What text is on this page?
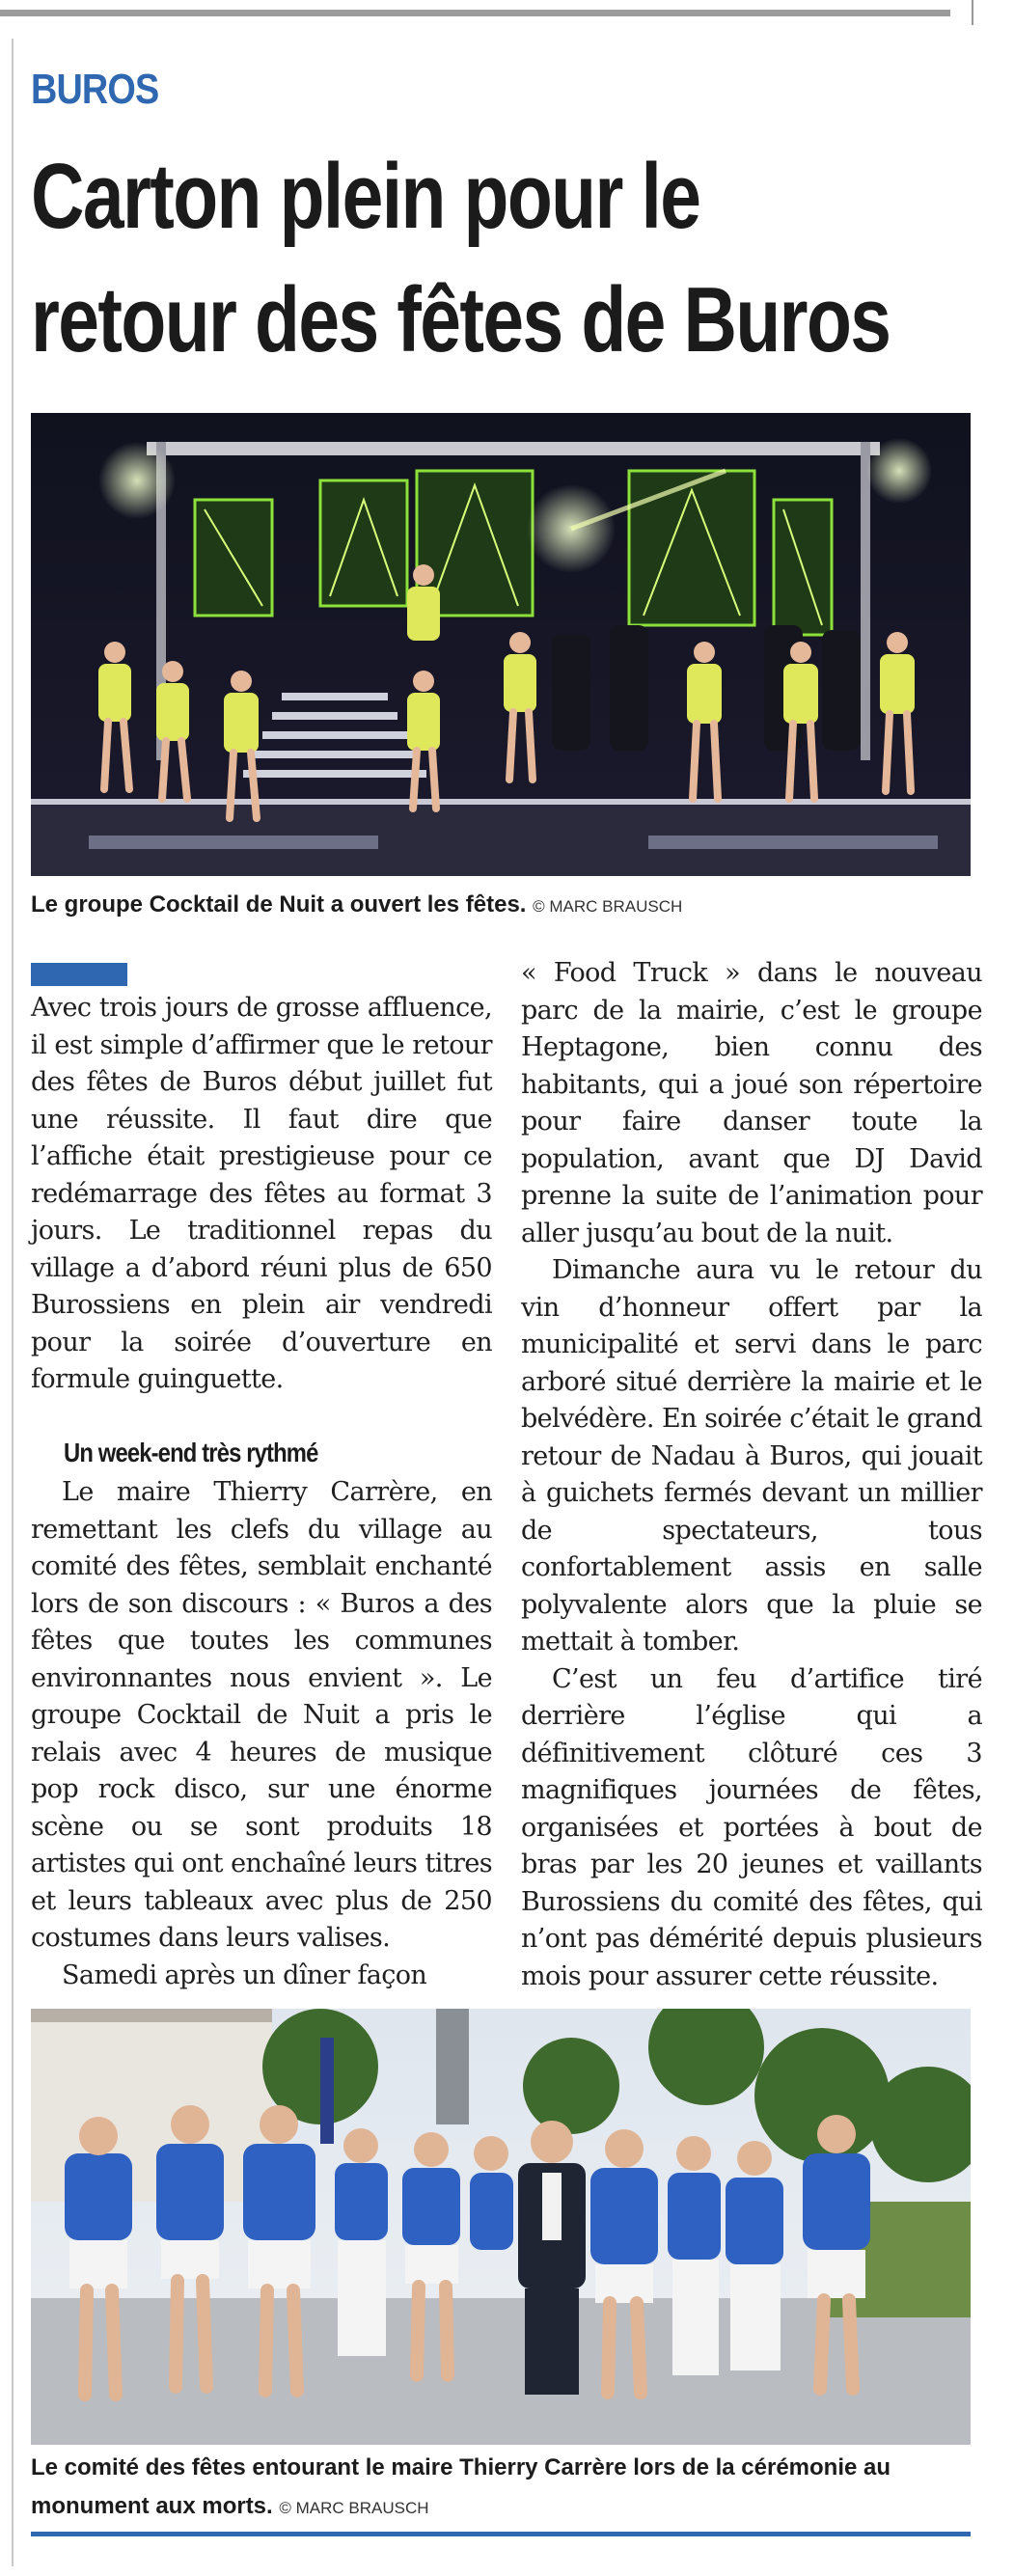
BUROS
Carton plein pour le retour des fêtes de Buros
Le groupe Cocktail de Nuit a ouvert les fêtes. © MARC BRAUSCH

Avec trois jours de grosse affluence, il est simple d’affirmer que le retour des fêtes de Buros début juillet fut une réussite. Il faut dire que l’affiche était prestigieuse pour ce redémarrage des fêtes au format 3 jours. Le traditionnel repas du village a d’abord réuni plus de 650 Burossiens en plein air vendredi pour la soirée d’ouverture en formule guinguette.

Un week-end très rythmé

Le maire Thierry Carrère, en remettant les clefs du village au comité des fêtes, semblait enchanté lors de son discours : « Buros a des fêtes que toutes les communes environnantes nous envient ». Le groupe Cocktail de Nuit a pris le relais avec 4 heures de musique pop rock disco, sur une énorme scène ou se sont produits 18 artistes qui ont enchaîné leurs titres et leurs tableaux avec plus de 250 costumes dans leurs valises.

Samedi après un dîner façon

« Food Truck » dans le nouveau parc de la mairie, c’est le groupe Heptagone, bien connu des habitants, qui a joué son répertoire pour faire danser toute la population, avant que DJ David prenne la suite de l’animation pour aller jusqu’au bout de la nuit.

Dimanche aura vu le retour du vin d’honneur offert par la municipalité et servi dans le parc arboré situé derrière la mairie et le belvédère. En soirée c’était le grand retour de Nadau à Buros, qui jouait à guichets fermés devant un millier de spectateurs, tous confortablement assis en salle polyvalente alors que la pluie se mettait à tomber.

C’est un feu d’artifice tiré derrière l’église qui a définitivement clôturé ces 3 magnifiques journées de fêtes, organisées et portées à bout de bras par les 20 jeunes et vaillants Burossiens du comité des fêtes, qui n’ont pas démérité depuis plusieurs mois pour assurer cette réussite.

Le comité des fêtes entourant le maire Thierry Carrère lors de la cérémonie au monument aux morts. © MARC BRAUSCH
